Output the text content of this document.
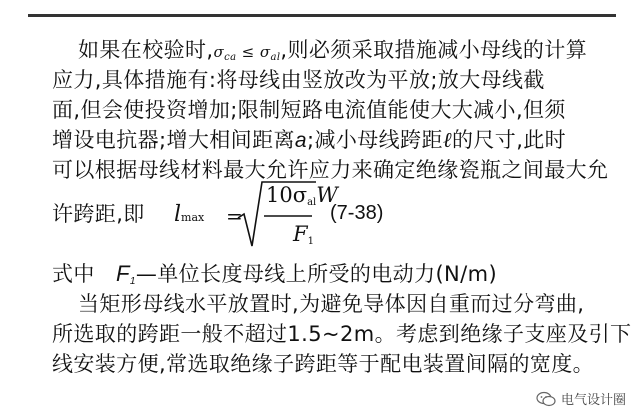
如果在校验时$,\sigma_{ca} \le \sigma_{al}$,则必须采取措施减小母线的计算
应力,具体措施有:将母线由竖放改为平放;放大母线截
面,但会使投资增加;限制短路电流值能使大大减小,但须
增设电抗器;增大相间距离a;减小母线跨距ℓ的尺寸,此时
可以根据母线材料最大允许应力来确定绝缘瓷瓶之间最大允
许跨距,即 lmax =
$10\sigma_{al}W$
$F_1$
(7-38)
式中 $F_1—$单位长度母线上所受的电动力(N/m)
当矩形母线水平放置时,为避免导体因自重而过分弯曲,
所选取的跨距一般不超过1.5~2m。考虑到绝缘子支座及引下
线安装方便,常选取绝缘子跨距等于配电装置间隔的宽度。
电气设计圈
